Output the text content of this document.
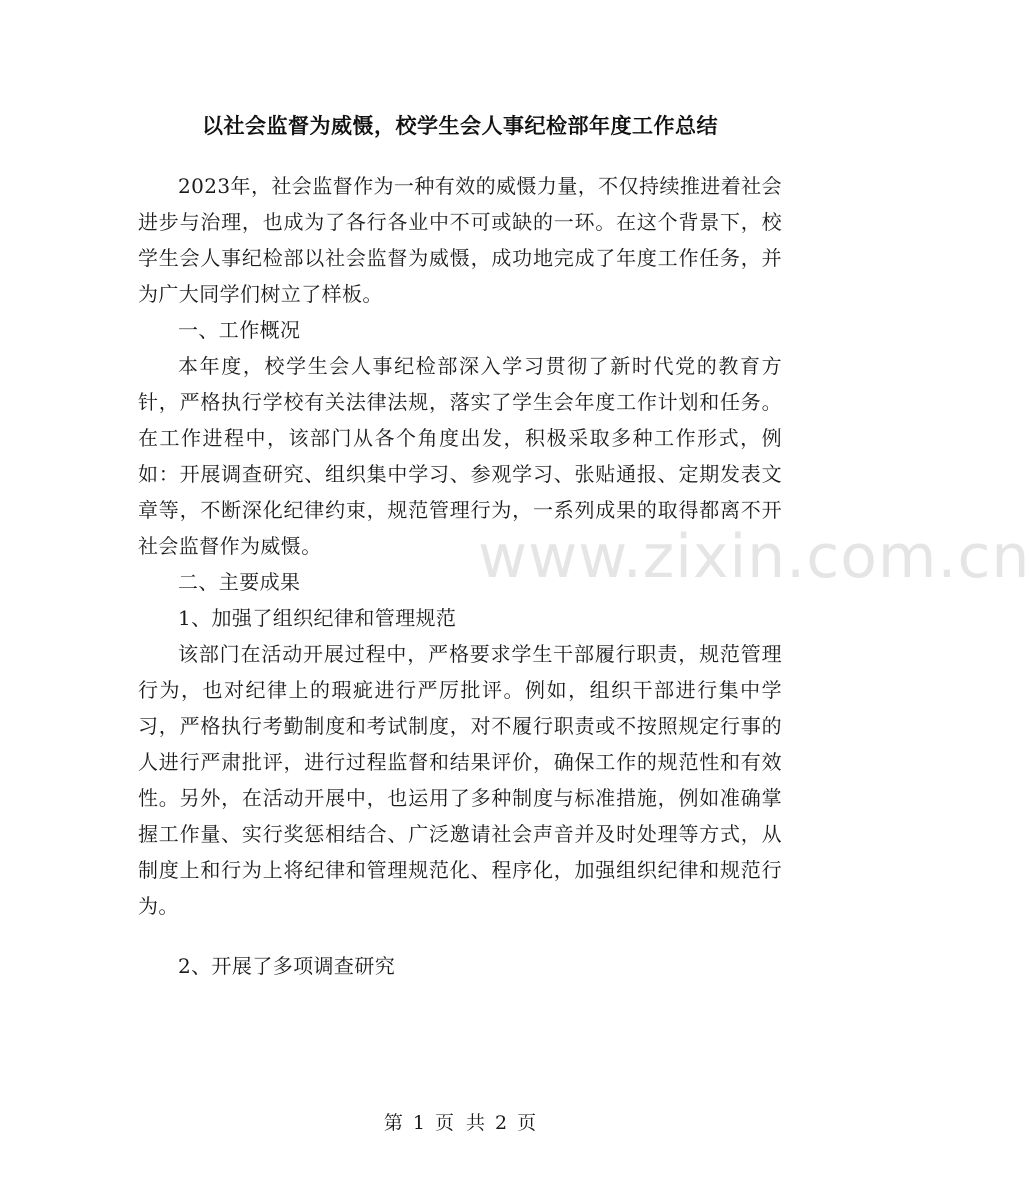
以社会监督为威慑，校学生会人事纪检部年度工作总结

2023年，社会监督作为一种有效的威慑力量，不仅持续推进着社会进步与治理，也成为了各行各业中不可或缺的一环。在这个背景下，校学生会人事纪检部以社会监督为威慑，成功地完成了年度工作任务，并为广大同学们树立了样板。

一、工作概况

本年度，校学生会人事纪检部深入学习贯彻了新时代党的教育方针，严格执行学校有关法律法规，落实了学生会年度工作计划和任务。在工作进程中，该部门从各个角度出发，积极采取多种工作形式，例如：开展调查研究、组织集中学习、参观学习、张贴通报、定期发表文章等，不断深化纪律约束，规范管理行为，一系列成果的取得都离不开社会监督作为威慑。

二、主要成果

1、加强了组织纪律和管理规范

该部门在活动开展过程中，严格要求学生干部履行职责，规范管理行为，也对纪律上的瑕疵进行严厉批评。例如，组织干部进行集中学习，严格执行考勤制度和考试制度，对不履行职责或不按照规定行事的人进行严肃批评，进行过程监督和结果评价，确保工作的规范性和有效性。另外，在活动开展中，也运用了多种制度与标准措施，例如准确掌握工作量、实行奖惩相结合、广泛邀请社会声音并及时处理等方式，从制度上和行为上将纪律和管理规范化、程序化，加强组织纪律和规范行为。

2、开展了多项调查研究

www.zixin.com.cn
第 1 页 共 2 页
